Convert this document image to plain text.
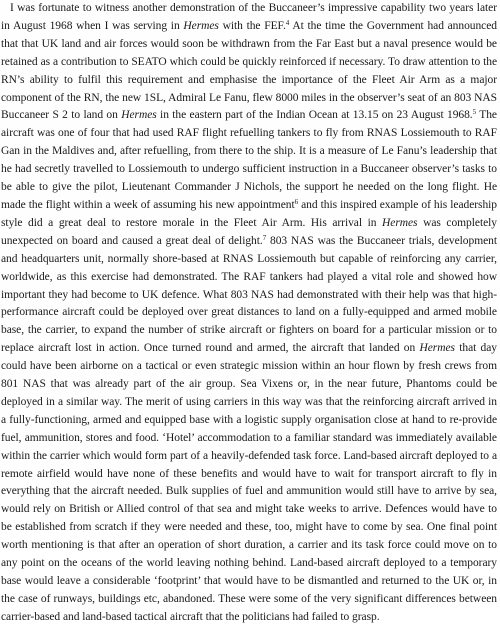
I was fortunate to witness another demonstration of the Buccaneer’s impressive capability two years later in August 1968 when I was serving in Hermes with the FEF.$^4$ At the time the Government had announced that that UK land and air forces would soon be withdrawn from the Far East but a naval presence would be retained as a contribution to SEATO which could be quickly reinforced if necessary. To draw attention to the RN’s ability to fulfil this requirement and emphasise the importance of the Fleet Air Arm as a major component of the RN, the new 1SL, Admiral Le Fanu, flew 8000 miles in the observer’s seat of an 803 NAS Buccaneer S 2 to land on Hermes in the eastern part of the Indian Ocean at 13.15 on 23 August 1968.$^5$ The aircraft was one of four that had used RAF flight refuelling tankers to fly from RNAS Lossiemouth to RAF Gan in the Maldives and, after refuelling, from there to the ship. It is a measure of Le Fanu’s leadership that he had secretly travelled to Lossiemouth to undergo sufficient instruction in a Buccaneer observer’s tasks to be able to give the pilot, Lieutenant Commander J Nichols, the support he needed on the long flight. He made the flight within a week of assuming his new appointment$^6$ and this inspired example of his leadership style did a great deal to restore morale in the Fleet Air Arm. His arrival in Hermes was completely unexpected on board and caused a great deal of delight.$^7$ 803 NAS was the Buccaneer trials, development and headquarters unit, normally shore-based at RNAS Lossiemouth but capable of reinforcing any carrier, worldwide, as this exercise had demonstrated. The RAF tankers had played a vital role and showed how important they had become to UK defence. What 803 NAS had demonstrated with their help was that high-performance aircraft could be deployed over great distances to land on a fully-equipped and armed mobile base, the carrier, to expand the number of strike aircraft or fighters on board for a particular mission or to replace aircraft lost in action. Once turned round and armed, the aircraft that landed on Hermes that day could have been airborne on a tactical or even strategic mission within an hour flown by fresh crews from 801 NAS that was already part of the air group. Sea Vixens or, in the near future, Phantoms could be deployed in a similar way. The merit of using carriers in this way was that the reinforcing aircraft arrived in a fully-functioning, armed and equipped base with a logistic supply organisation close at hand to re-provide fuel, ammunition, stores and food. ‘Hotel’ accommodation to a familiar standard was immediately available within the carrier which would form part of a heavily-defended task force. Land-based aircraft deployed to a remote airfield would have none of these benefits and would have to wait for transport aircraft to fly in everything that the aircraft needed. Bulk supplies of fuel and ammunition would still have to arrive by sea, would rely on British or Allied control of that sea and might take weeks to arrive. Defences would have to be established from scratch if they were needed and these, too, might have to come by sea. One final point worth mentioning is that after an operation of short duration, a carrier and its task force could move on to any point on the oceans of the world leaving nothing behind. Land-based aircraft deployed to a temporary base would leave a considerable ‘footprint’ that would have to be dismantled and returned to the UK or, in the case of runways, buildings etc, abandoned. These were some of the very significant differences between carrier-based and land-based tactical aircraft that the politicians had failed to grasp.
